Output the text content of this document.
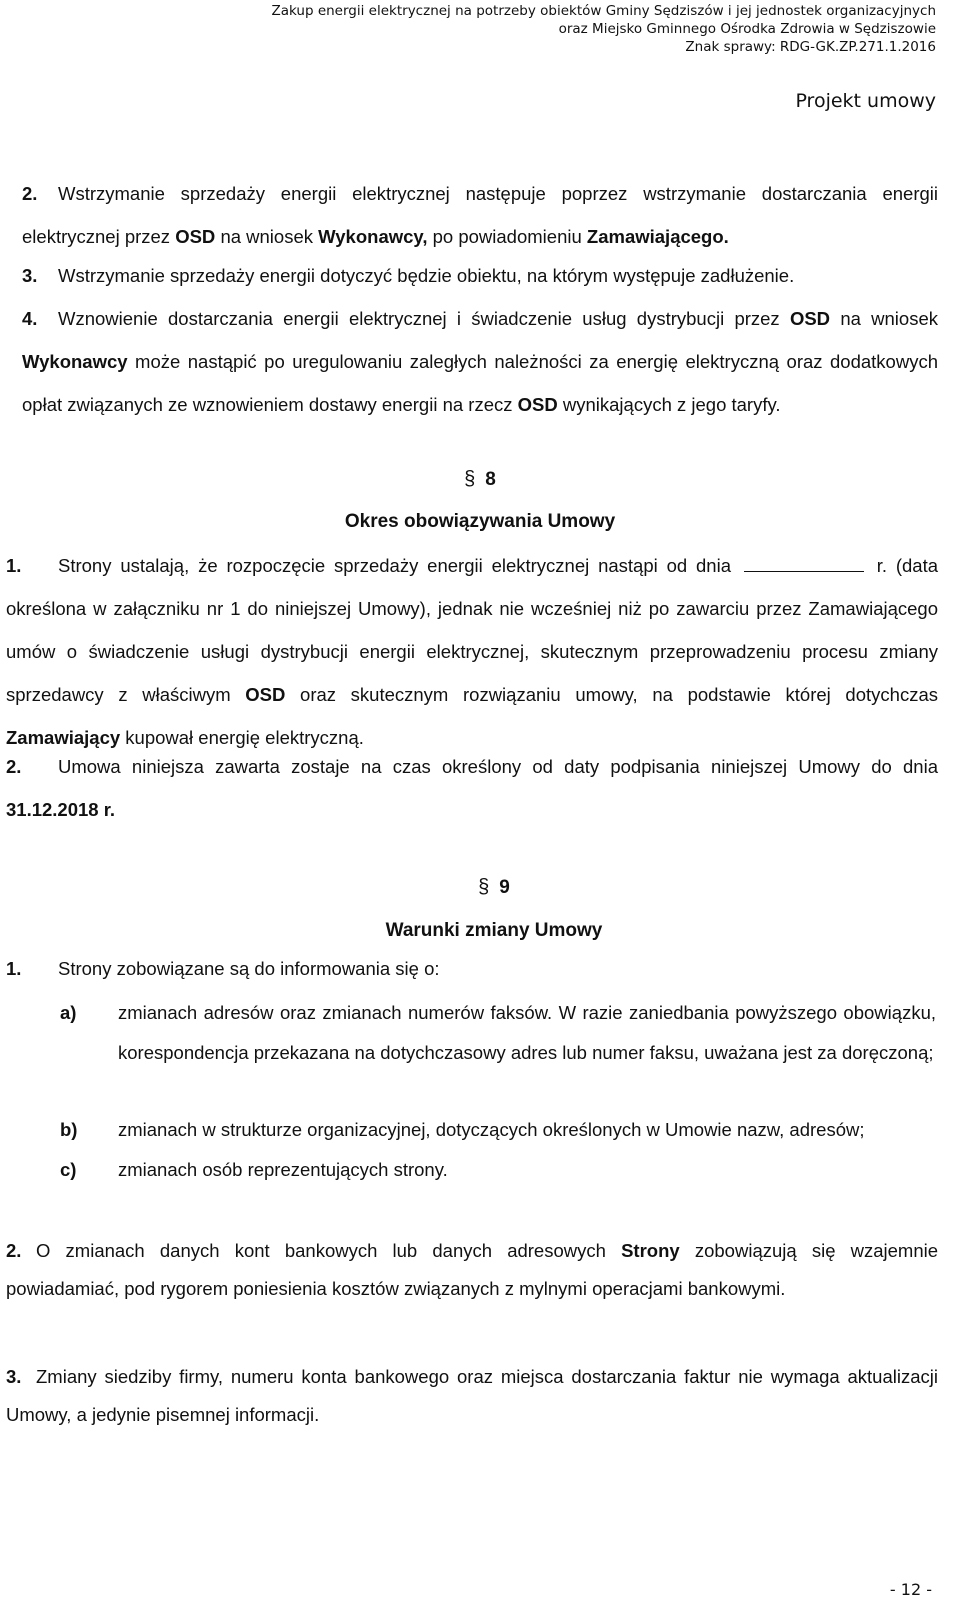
Zakup energii elektrycznej na potrzeby obiektów Gminy Sędziszów i jej jednostek organizacyjnych
oraz Miejsko Gminnego Ośrodka Zdrowia w Sędziszowie
Znak sprawy: RDG-GK.ZP.271.1.2016
Projekt umowy
2. Wstrzymanie sprzedaży energii elektrycznej następuje poprzez wstrzymanie dostarczania energii elektrycznej przez OSD na wniosek Wykonawcy, po powiadomieniu Zamawiającego.
3. Wstrzymanie sprzedaży energii dotyczyć będzie obiektu, na którym występuje zadłużenie.
4. Wznowienie dostarczania energii elektrycznej i świadczenie usług dystrybucji przez OSD na wniosek Wykonawcy może nastąpić po uregulowaniu zaległych należności za energię elektryczną oraz dodatkowych opłat związanych ze wznowieniem dostawy energii na rzecz OSD wynikających z jego taryfy.
§ 8
Okres obowiązywania Umowy
1. Strony ustalają, że rozpoczęcie sprzedaży energii elektrycznej nastąpi od dnia	r. (data określona w załączniku nr 1 do niniejszej Umowy), jednak nie wcześniej niż po zawarciu przez Zamawiającego umów o świadczenie usługi dystrybucji energii elektrycznej, skutecznym przeprowadzeniu procesu zmiany sprzedawcy z właściwym OSD oraz skutecznym rozwiązaniu umowy, na podstawie której dotychczas Zamawiający kupował energię elektryczną.
2. Umowa niniejsza zawarta zostaje na czas określony od daty podpisania niniejszej Umowy do dnia 31.12.2018 r.
§ 9
Warunki zmiany Umowy
1. Strony zobowiązane są do informowania się o:
a) zmianach adresów oraz zmianach numerów faksów. W razie zaniedbania powyższego obowiązku, korespondencja przekazana na dotychczasowy adres lub numer faksu, uważana jest za doręczoną;
b) zmianach w strukturze organizacyjnej, dotyczących określonych w Umowie nazw, adresów;
c) zmianach osób reprezentujących strony.
2. O zmianach danych kont bankowych lub danych adresowych Strony zobowiązują się wzajemnie powiadamiać, pod rygorem poniesienia kosztów związanych z mylnymi operacjami bankowymi.
3. Zmiany siedziby firmy, numeru konta bankowego oraz miejsca dostarczania faktur nie wymaga aktualizacji Umowy, a jedynie pisemnej informacji.
- 12 -
